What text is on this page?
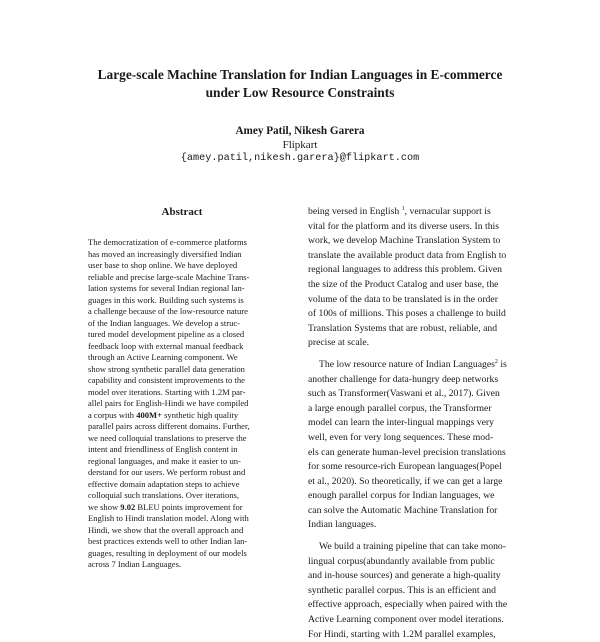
Large-scale Machine Translation for Indian Languages in E-commerce
under Low Resource Constraints
Amey Patil, Nikesh Garera
Flipkart
{amey.patil,nikesh.garera}@flipkart.com
Abstract
The democratization of e-commerce platforms
has moved an increasingly diversified Indian
user base to shop online. We have deployed
reliable and precise large-scale Machine Trans-
lation systems for several Indian regional lan-
guages in this work. Building such systems is
a challenge because of the low-resource nature
of the Indian languages. We develop a struc-
tured model development pipeline as a closed
feedback loop with external manual feedback
through an Active Learning component. We
show strong synthetic parallel data generation
capability and consistent improvements to the
model over iterations. Starting with 1.2M par-
allel pairs for English-Hindi we have compiled
a corpus with 400M+ synthetic high quality
parallel pairs across different domains. Further,
we need colloquial translations to preserve the
intent and friendliness of English content in
regional languages, and make it easier to un-
derstand for our users. We perform robust and
effective domain adaptation steps to achieve
colloquial such translations. Over iterations,
we show 9.02 BLEU points improvement for
English to Hindi translation model. Along with
Hindi, we show that the overall approach and
best practices extends well to other Indian lan-
guages, resulting in deployment of our models
across 7 Indian Languages.
being versed in English $^1$, vernacular support is
vital for the platform and its diverse users. In this
work, we develop Machine Translation System to
translate the available product data from English to
regional languages to address this problem. Given
the size of the Product Catalog and user base, the
volume of the data to be translated is in the order
of 100s of millions. This poses a challenge to build
Translation Systems that are robust, reliable, and
precise at scale.
The low resource nature of Indian Languages$^2$ is
another challenge for data-hungry deep networks
such as Transformer(Vaswani et al., 2017). Given
a large enough parallel corpus, the Transformer
model can learn the inter-lingual mappings very
well, even for very long sequences. These mod-
els can generate human-level precision translations
for some resource-rich European languages(Popel
et al., 2020). So theoretically, if we can get a large
enough parallel corpus for Indian languages, we
can solve the Automatic Machine Translation for
Indian languages.
We build a training pipeline that can take mono-
lingual corpus(abundantly available from public
and in-house sources) and generate a high-quality
synthetic parallel corpus. This is an efficient and
effective approach, especially when paired with the
Active Learning component over model iterations.
For Hindi, starting with 1.2M parallel examples,
